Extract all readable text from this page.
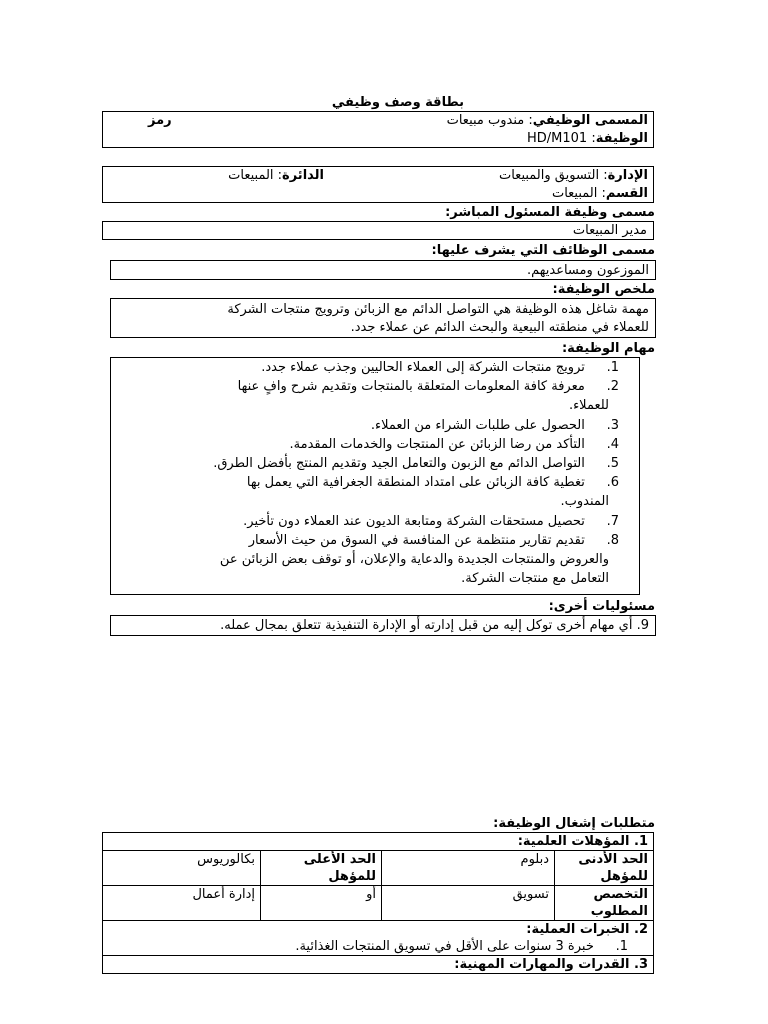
بطاقة وصف وظيفي
المسمى الوظيفي: مندوب مبيعات
رمز
الوظيفة: HD/M101
الإدارة: التسويق والمبيعات
الدائرة: المبيعات
القسم: المبيعات
مسمى وظيفة المسئول المباشر:
مدير المبيعات
مسمى الوظائف التي يشرف عليها:
الموزعون ومساعديهم.
ملخص الوظيفة:
مهمة شاغل هذه الوظيفة هي التواصل الدائم مع الزبائن وترويج منتجات الشركة
للعملاء في منطقته البيعية والبحث الدائم عن عملاء جدد.
مهام الوظيفة:
1. ترويج منتجات الشركة إلى العملاء الحاليين وجذب عملاء جدد.
2. معرفة كافة المعلومات المتعلقة بالمنتجات وتقديم شرح وافٍ عنها
للعملاء.
3. الحصول على طلبات الشراء من العملاء.
4. التأكد من رضا الزبائن عن المنتجات والخدمات المقدمة.
5. التواصل الدائم مع الزبون والتعامل الجيد وتقديم المنتج بأفضل الطرق.
6. تغطية كافة الزبائن على امتداد المنطقة الجغرافية التي يعمل بها
المندوب.
7. تحصيل مستحقات الشركة ومتابعة الديون عند العملاء دون تأخير.
8. تقديم تقارير منتظمة عن المنافسة في السوق من حيث الأسعار
والعروض والمنتجات الجديدة والدعاية والإعلان، أو توقف بعض الزبائن عن
التعامل مع منتجات الشركة.
مسئوليات أخرى:
9. أي مهام أخرى توكل إليه من قبل إدارته أو الإدارة التنفيذية تتعلق بمجال عمله.
متطلبات إشغال الوظيفة:
1. المؤهلات العلمية:			
الحد الأدنى للمؤهل	دبلوم	الحد الأعلى للمؤهل	بكالوريوس
التخصص المطلوب	تسويق	أو	إدارة أعمال

2. الخبرات العملية:
1. خبرة 3 سنوات على الأقل في تسويق المنتجات الغذائية.			

3. القدرات والمهارات المهنية:			
